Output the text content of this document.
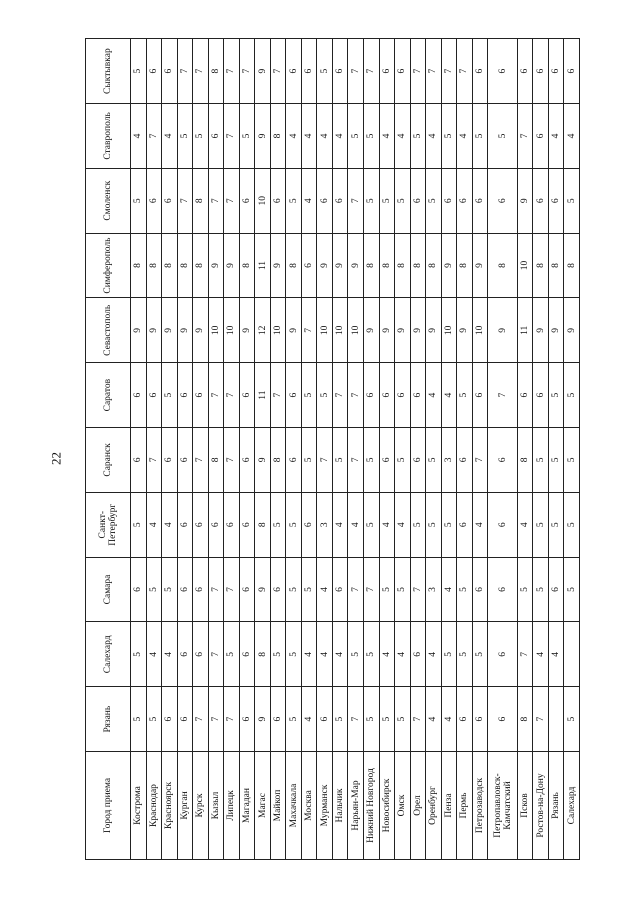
22
Город приема	Рязань	Салехард	Самара	Санкт-Петербург	Саранск	Саратов	Севастополь	Симферополь	Смоленск	Ставрополь	Сыктывкар
Кострома	5	5	6	5	6	6	9	8	5	4	5
Краснодар	5	4	5	4	7	6	9	8	6	7	6
Красноярск	6	4	5	4	6	5	9	8	6	4	6
Курган	6	6	6	6	6	6	9	8	7	5	7
Курск	7	6	6	6	7	6	9	8	8	5	7
Кызыл	7	7	7	6	8	7	10	9	7	6	8
Липецк	7	5	7	6	7	7	10	9	7	7	7
Магадан	6	6	6	6	6	6	9	8	6	5	7
Магас	9	8	9	8	9	11	12	11	10	9	9
Майкоп	6	5	6	5	8	7	10	9	6	8	7
Махачкала	5	5	5	5	6	6	9	8	5	4	6
Москва	4	4	5	6	5	5	7	6	4	4	6
Мурманск	6	4	4	3	7	5	10	9	6	4	5
Нальчик	5	4	6	4	5	7	10	9	6	4	6
Нарьян-Мар	7	5	7	4	7	7	10	9	7	5	7
Нижний Новгород	5	5	7	5	5	6	9	8	5	5	7
Новосибирск	5	4	5	4	6	6	9	8	5	4	6
Омск	5	4	5	4	5	6	9	8	5	4	6
Орел	7	6	7	5	6	6	9	8	6	5	7
Оренбург	4	4	3	5	5	4	9	8	5	4	7
Пенза	4	5	4	5	3	4	10	9	6	5	7
Пермь	6	5	5	6	6	5	9	8	6	4	7
Петрозаводск	6	5	6	4	7	6	10	9	6	5	6
Петропавловск-Камчатский	6	6	6	6	6	7	9	8	6	5	6
Псков	8	7	5	4	8	6	11	10	9	7	6
Ростов-на-Дону	7	4	5	5	5	6	9	8	6	6	6
Рязань		4	6	5	5	5	9	8	6	4	6
Салехард	5		5	5	5	5	9	8	5	4	6
